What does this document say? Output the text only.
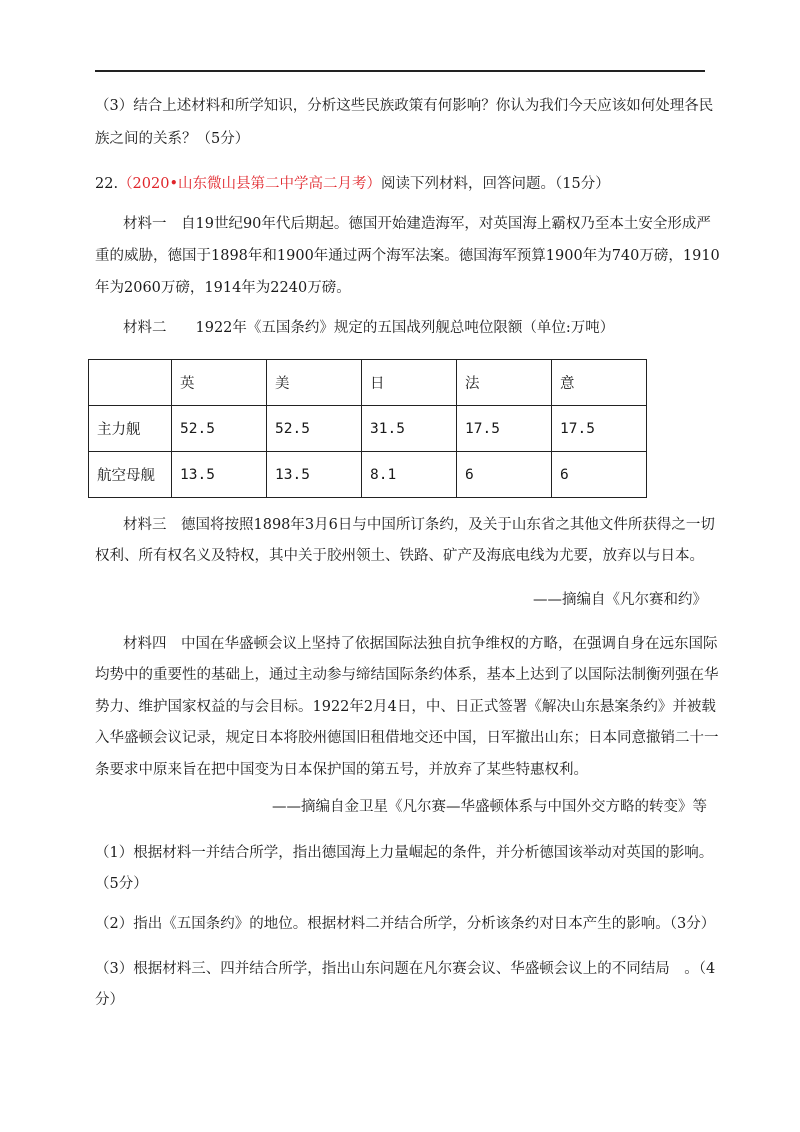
（3）结合上述材料和所学知识，分析这些民族政策有何影响？你认为我们今天应该如何处理各民
族之间的关系？（5分）
22.（2020•山东微山县第二中学高二月考）阅读下列材料，回答问题。（15分）
材料一　自19世纪90年代后期起。德国开始建造海军，对英国海上霸权乃至本土安全形成严
重的威胁，德国于1898年和1900年通过两个海军法案。德国海军预算1900年为740万磅，1910
年为2060万磅，1914年为2240万磅。
材料二　　1922年《五国条约》规定的五国战列舰总吨位限额（单位:万吨）
	英	美	日	法	意
主力舰	52.5	52.5	31.5	17.5	17.5
航空母舰	13.5	13.5	8.1	6	6
材料三　德国将按照1898年3月6日与中国所订条约，及关于山东省之其他文件所获得之一切
权利、所有权名义及特权，其中关于胶州领土、铁路、矿产及海底电线为尤要，放弃以与日本。
——摘编自《凡尔赛和约》
材料四　中国在华盛顿会议上坚持了依据国际法独自抗争维权的方略，在强调自身在远东国际
均势中的重要性的基础上，通过主动参与缔结国际条约体系，基本上达到了以国际法制衡列强在华
势力、维护国家权益的与会目标。1922年2月4日，中、日正式签署《解决山东悬案条约》并被载
入华盛顿会议记录，规定日本将胶州德国旧租借地交还中国，日军撤出山东；日本同意撤销二十一
条要求中原来旨在把中国变为日本保护国的第五号，并放弃了某些特惠权利。
——摘编自金卫星《凡尔赛—华盛顿体系与中国外交方略的转变》等
（1）根据材料一并结合所学，指出德国海上力量崛起的条件，并分析德国该举动对英国的影响。
（5分）
（2）指出《五国条约》的地位。根据材料二并结合所学，分析该条约对日本产生的影响。（3分）
（3）根据材料三、四并结合所学，指出山东问题在凡尔赛会议、华盛顿会议上的不同结局　。（4
分）
